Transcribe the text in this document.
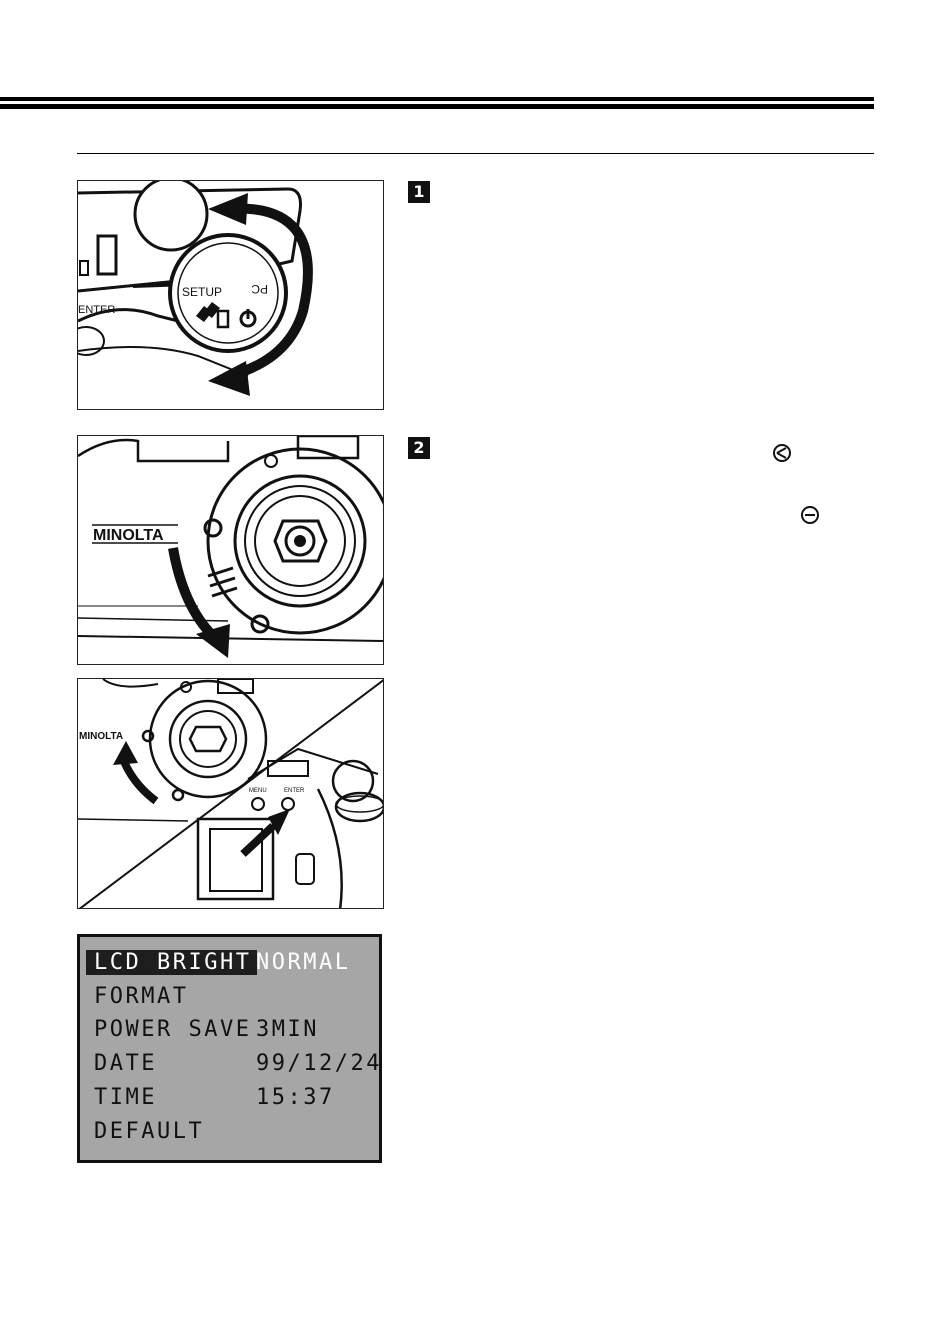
SETUP PC
ENTER
1
MINOLTA
2
MINOLTA
MENU	ENTER
LCD BRIGHT NORMAL
FORMAT
POWER SAVE 3MIN
DATE	99/12/24
TIME	15:37
DEFAULT
